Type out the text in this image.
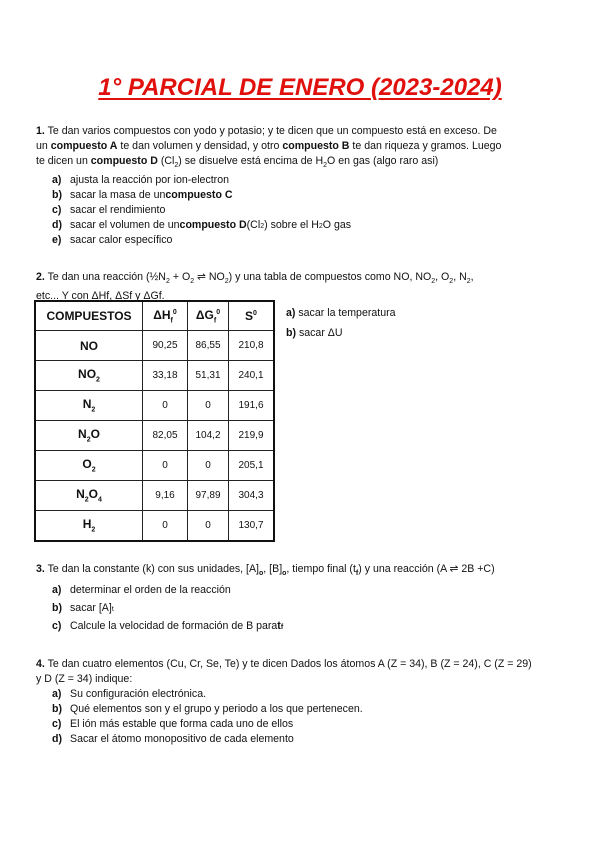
1° PARCIAL DE ENERO (2023-2024)
1. Te dan varios compuestos con yodo y potasio; y te dicen que un compuesto está en exceso. De
un compuesto A te dan volumen y densidad, y otro compuesto B te dan riqueza y gramos. Luego
te dicen un compuesto D $(Cl_2)$ se disuelve está encima de $H_2O$ en gas (algo raro asi)
a) ajusta la reacción por ion-electron
b) sacar la masa de un compuesto C
c) sacar el rendimiento
d) sacar el volumen de un compuesto D (Cl 2 ) sobre el H 2 O gas
e) sacar calor específico
2. Te dan una reacción ($\frac{1}{2}N_2 + O_2$ ⇌ $NO_2$) y una tabla de compuestos como NO, $NO_2$, $O_2$, $N_2$,
etc... Y con ΔHf, ΔSf y ΔGf.
COMPUESTOS	$\Delta H_f^0$	$\Delta G_f^0$	$S^0$
NO	90,25	86,55	210,8
$NO_2$	33,18	51,31	240,1
$N_2$	0	0	191,6
$N_2O$	82,05	104,2	219,9
$O_2$	0	0	205,1
$N_2O_4$	9,16	97,89	304,3
$H_2$	0	0	130,7
a) sacar la temperatura
b) sacar ΔU
3. Te dan la constante (k) con sus unidades, $[A]_o$, $[B]_o$, tiempo final $(t_f)$ y una reacción (A ⇌ 2B +C)
a) determinar el orden de la reacción
b) sacar [A] t
c) Calcule la velocidad de formación de B para t f
4. Te dan cuatro elementos (Cu, Cr, Se, Te) y te dicen Dados los átomos A (Z = 34), B (Z = 24), C (Z = 29)
y D (Z = 34) indique:
a) Su configuración electrónica.
b) Qué elementos son y el grupo y periodo a los que pertenecen.
c) El ión más estable que forma cada uno de ellos
d) Sacar el átomo monopositivo de cada elemento
